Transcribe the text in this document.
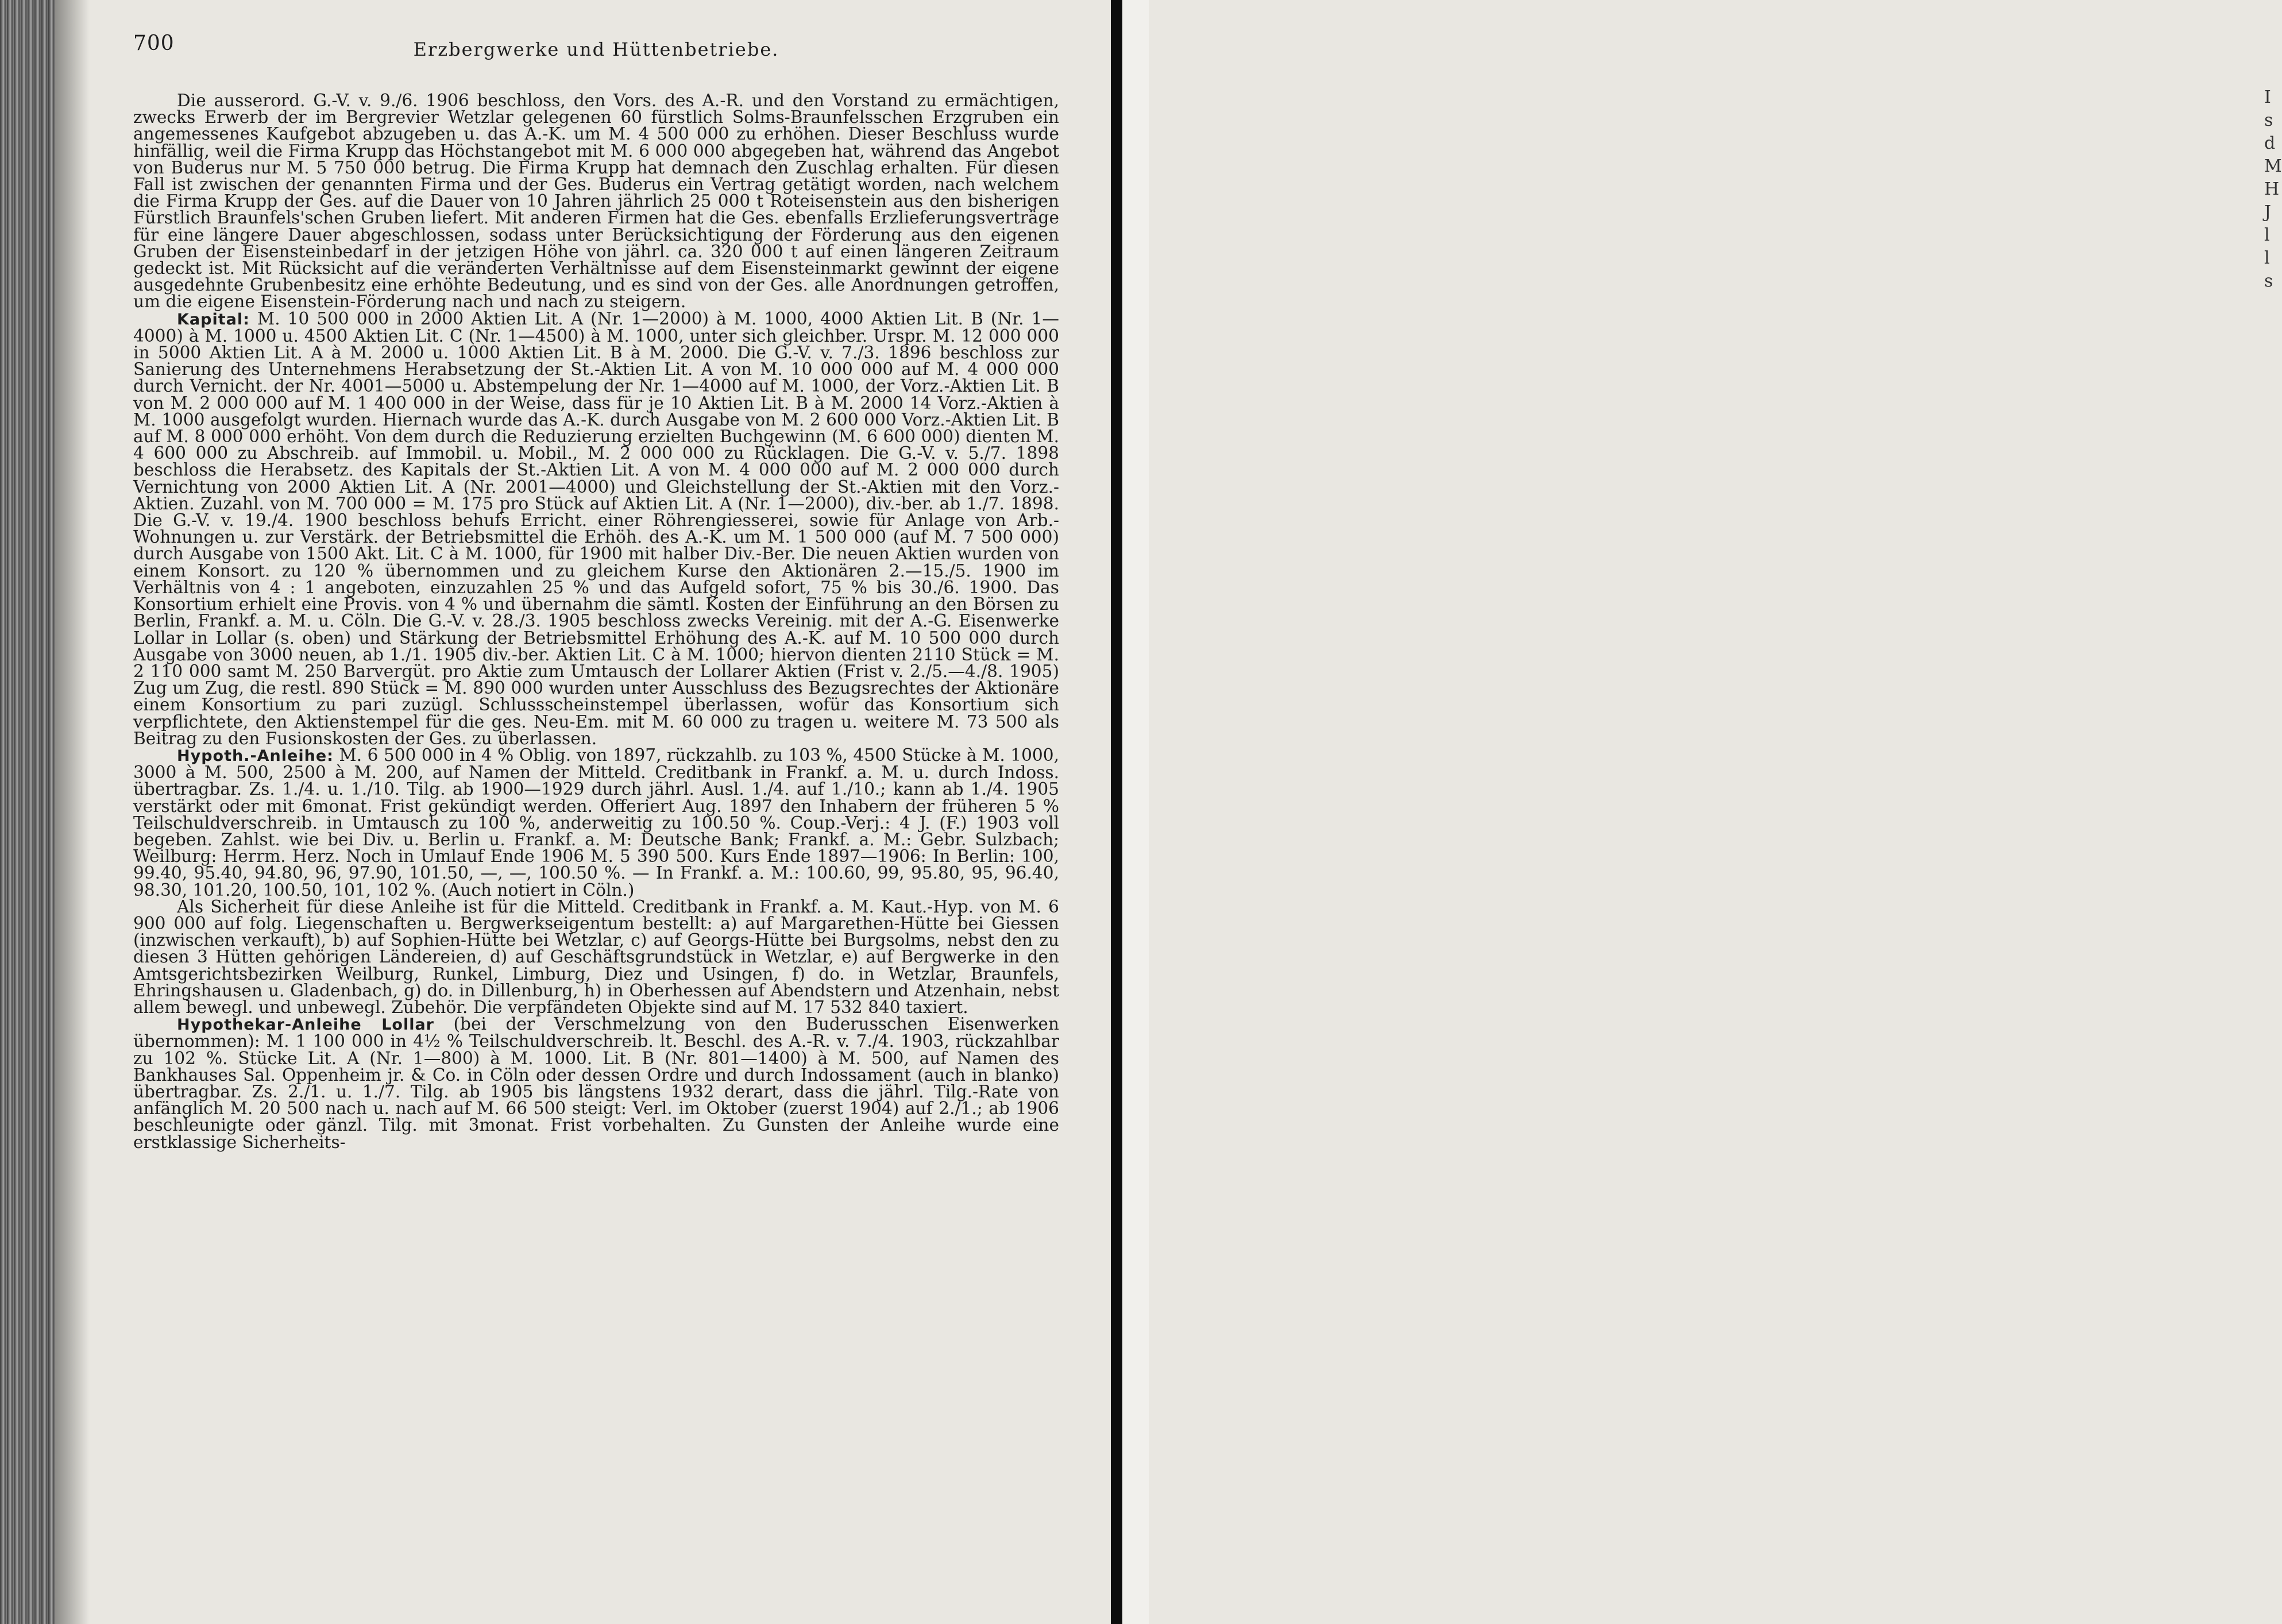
I s d M H J l l s
700	Erzbergwerke und Hüttenbetriebe.

Die ausserord. G.-V. v. 9./6. 1906 beschloss, den Vors. des A.-R. und den Vorstand zu ermächtigen, zwecks Erwerb der im Bergrevier Wetzlar gelegenen 60 fürstlich Solms-Braunfelsschen Erzgruben ein angemessenes Kaufgebot abzugeben u. das A.-K. um M. 4 500 000 zu erhöhen. Dieser Beschluss wurde hinfällig, weil die Firma Krupp das Höchstangebot mit M. 6 000 000 abgegeben hat, während das Angebot von Buderus nur M. 5 750 000 betrug. Die Firma Krupp hat demnach den Zuschlag erhalten. Für diesen Fall ist zwischen der genannten Firma und der Ges. Buderus ein Vertrag getätigt worden, nach welchem die Firma Krupp der Ges. auf die Dauer von 10 Jahren jährlich 25 000 t Roteisenstein aus den bisherigen Fürstlich Braunfels'schen Gruben liefert. Mit anderen Firmen hat die Ges. ebenfalls Erzlieferungsverträge für eine längere Dauer abgeschlossen, sodass unter Berücksichtigung der Förderung aus den eigenen Gruben der Eisensteinbedarf in der jetzigen Höhe von jährl. ca. 320 000 t auf einen längeren Zeitraum gedeckt ist. Mit Rücksicht auf die veränderten Verhältnisse auf dem Eisensteinmarkt gewinnt der eigene ausgedehnte Grubenbesitz eine erhöhte Bedeutung, und es sind von der Ges. alle Anordnungen getroffen, um die eigene Eisenstein-Förderung nach und nach zu steigern.

Kapital: M. 10 500 000 in 2000 Aktien Lit. A (Nr. 1—2000) à M. 1000, 4000 Aktien Lit. B (Nr. 1—4000) à M. 1000 u. 4500 Aktien Lit. C (Nr. 1—4500) à M. 1000, unter sich gleichber. Urspr. M. 12 000 000 in 5000 Aktien Lit. A à M. 2000 u. 1000 Aktien Lit. B à M. 2000. Die G.-V. v. 7./3. 1896 beschloss zur Sanierung des Unternehmens Herabsetzung der St.-Aktien Lit. A von M. 10 000 000 auf M. 4 000 000 durch Vernicht. der Nr. 4001—5000 u. Abstempelung der Nr. 1—4000 auf M. 1000, der Vorz.-Aktien Lit. B von M. 2 000 000 auf M. 1 400 000 in der Weise, dass für je 10 Aktien Lit. B à M. 2000 14 Vorz.-Aktien à M. 1000 ausgefolgt wurden. Hiernach wurde das A.-K. durch Ausgabe von M. 2 600 000 Vorz.-Aktien Lit. B auf M. 8 000 000 erhöht. Von dem durch die Reduzierung erzielten Buchgewinn (M. 6 600 000) dienten M. 4 600 000 zu Abschreib. auf Immobil. u. Mobil., M. 2 000 000 zu Rücklagen. Die G.-V. v. 5./7. 1898 beschloss die Herabsetz. des Kapitals der St.-Aktien Lit. A von M. 4 000 000 auf M. 2 000 000 durch Vernichtung von 2000 Aktien Lit. A (Nr. 2001—4000) und Gleichstellung der St.-Aktien mit den Vorz.-Aktien. Zuzahl. von M. 700 000 = M. 175 pro Stück auf Aktien Lit. A (Nr. 1—2000), div.-ber. ab 1./7. 1898. Die G.-V. v. 19./4. 1900 beschloss behufs Erricht. einer Röhrengiesserei, sowie für Anlage von Arb.-Wohnungen u. zur Verstärk. der Betriebsmittel die Erhöh. des A.-K. um M. 1 500 000 (auf M. 7 500 000) durch Ausgabe von 1500 Akt. Lit. C à M. 1000, für 1900 mit halber Div.-Ber. Die neuen Aktien wurden von einem Konsort. zu 120 % übernommen und zu gleichem Kurse den Aktionären 2.—15./5. 1900 im Verhältnis von 4 : 1 angeboten, einzuzahlen 25 % und das Aufgeld sofort, 75 % bis 30./6. 1900. Das Konsortium erhielt eine Provis. von 4 % und übernahm die sämtl. Kosten der Einführung an den Börsen zu Berlin, Frankf. a. M. u. Cöln. Die G.-V. v. 28./3. 1905 beschloss zwecks Vereinig. mit der A.-G. Eisenwerke Lollar in Lollar (s. oben) und Stärkung der Betriebsmittel Erhöhung des A.-K. auf M. 10 500 000 durch Ausgabe von 3000 neuen, ab 1./1. 1905 div.-ber. Aktien Lit. C à M. 1000; hiervon dienten 2110 Stück = M. 2 110 000 samt M. 250 Barvergüt. pro Aktie zum Umtausch der Lollarer Aktien (Frist v. 2./5.—4./8. 1905) Zug um Zug, die restl. 890 Stück = M. 890 000 wurden unter Ausschluss des Bezugsrechtes der Aktionäre einem Konsortium zu pari zuzügl. Schlussscheinstempel überlassen, wofür das Konsortium sich verpflichtete, den Aktienstempel für die ges. Neu-Em. mit M. 60 000 zu tragen u. weitere M. 73 500 als Beitrag zu den Fusionskosten der Ges. zu überlassen.

Hypoth.-Anleihe: M. 6 500 000 in 4 % Oblig. von 1897, rückzahlb. zu 103 %, 4500 Stücke à M. 1000, 3000 à M. 500, 2500 à M. 200, auf Namen der Mitteld. Creditbank in Frankf. a. M. u. durch Indoss. übertragbar. Zs. 1./4. u. 1./10. Tilg. ab 1900—1929 durch jährl. Ausl. 1./4. auf 1./10.; kann ab 1./4. 1905 verstärkt oder mit 6monat. Frist gekündigt werden. Offeriert Aug. 1897 den Inhabern der früheren 5 % Teilschuldverschreib. in Umtausch zu 100 %, anderweitig zu 100.50 %. Coup.-Verj.: 4 J. (F.) 1903 voll begeben. Zahlst. wie bei Div. u. Berlin u. Frankf. a. M: Deutsche Bank; Frankf. a. M.: Gebr. Sulzbach; Weilburg: Herrm. Herz. Noch in Umlauf Ende 1906 M. 5 390 500. Kurs Ende 1897—1906: In Berlin: 100, 99.40, 95.40, 94.80, 96, 97.90, 101.50, —, —, 100.50 %. — In Frankf. a. M.: 100.60, 99, 95.80, 95, 96.40, 98.30, 101.20, 100.50, 101, 102 %. (Auch notiert in Cöln.)

Als Sicherheit für diese Anleihe ist für die Mitteld. Creditbank in Frankf. a. M. Kaut.-Hyp. von M. 6 900 000 auf folg. Liegenschaften u. Bergwerkseigentum bestellt: a) auf Margarethen-Hütte bei Giessen (inzwischen verkauft), b) auf Sophien-Hütte bei Wetzlar, c) auf Georgs-Hütte bei Burgsolms, nebst den zu diesen 3 Hütten gehörigen Ländereien, d) auf Geschäftsgrundstück in Wetzlar, e) auf Bergwerke in den Amtsgerichtsbezirken Weilburg, Runkel, Limburg, Diez und Usingen, f) do. in Wetzlar, Braunfels, Ehringshausen u. Gladenbach, g) do. in Dillenburg, h) in Oberhessen auf Abendstern und Atzenhain, nebst allem bewegl. und unbewegl. Zubehör. Die verpfändeten Objekte sind auf M. 17 532 840 taxiert.

Hypothekar-Anleihe Lollar (bei der Verschmelzung von den Buderusschen Eisenwerken übernommen): M. 1 100 000 in 4½ % Teilschuldverschreib. lt. Beschl. des A.-R. v. 7./4. 1903, rückzahlbar zu 102 %. Stücke Lit. A (Nr. 1—800) à M. 1000. Lit. B (Nr. 801—1400) à M. 500, auf Namen des Bankhauses Sal. Oppenheim jr. & Co. in Cöln oder dessen Ordre und durch Indossament (auch in blanko) übertragbar. Zs. 2./1. u. 1./7. Tilg. ab 1905 bis längstens 1932 derart, dass die jährl. Tilg.-Rate von anfänglich M. 20 500 nach u. nach auf M. 66 500 steigt: Verl. im Oktober (zuerst 1904) auf 2./1.; ab 1906 beschleunigte oder gänzl. Tilg. mit 3monat. Frist vorbehalten. Zu Gunsten der Anleihe wurde eine erstklassige Sicherheits-
